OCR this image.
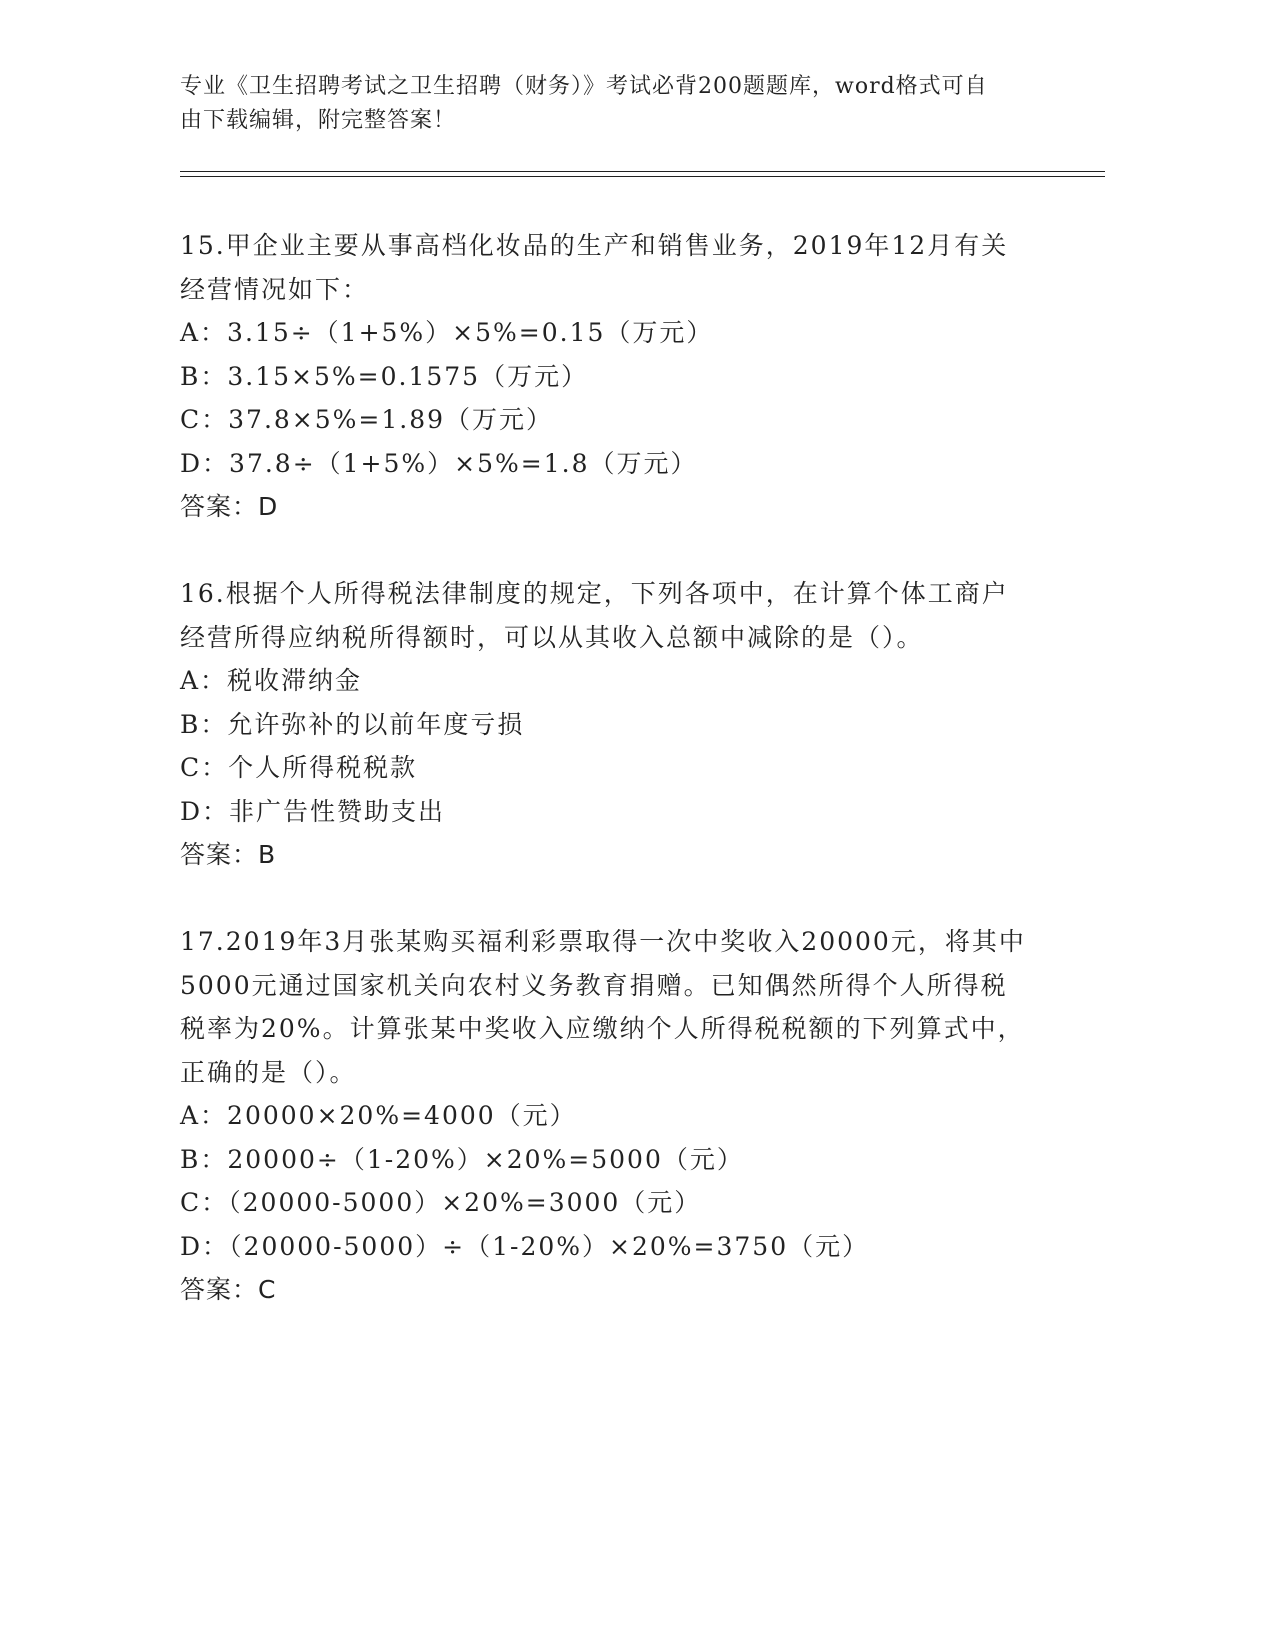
专业《卫生招聘考试之卫生招聘（财务）》考试必背200题题库，word格式可自
由下载编辑，附完整答案！

15.甲企业主要从事高档化妆品的生产和销售业务，2019年12月有关

经营情况如下：

A：3.15÷（1+5%）×5%=0.15（万元）

B：3.15×5%=0.1575（万元）

C：37.8×5%=1.89（万元）

D：37.8÷（1+5%）×5%=1.8（万元）

答案：D

16.根据个人所得税法律制度的规定，下列各项中，在计算个体工商户

经营所得应纳税所得额时，可以从其收入总额中减除的是（）。

A：税收滞纳金

B：允许弥补的以前年度亏损

C：个人所得税税款

D：非广告性赞助支出

答案：B

17.2019年3月张某购买福利彩票取得一次中奖收入20000元，将其中

5000元通过国家机关向农村义务教育捐赠。已知偶然所得个人所得税

税率为20%。计算张某中奖收入应缴纳个人所得税税额的下列算式中，

正确的是（）。

A：20000×20%=4000（元）

B：20000÷（1-20%）×20%=5000（元）

C：（20000-5000）×20%=3000（元）

D：（20000-5000）÷（1-20%）×20%=3750（元）

答案：C
